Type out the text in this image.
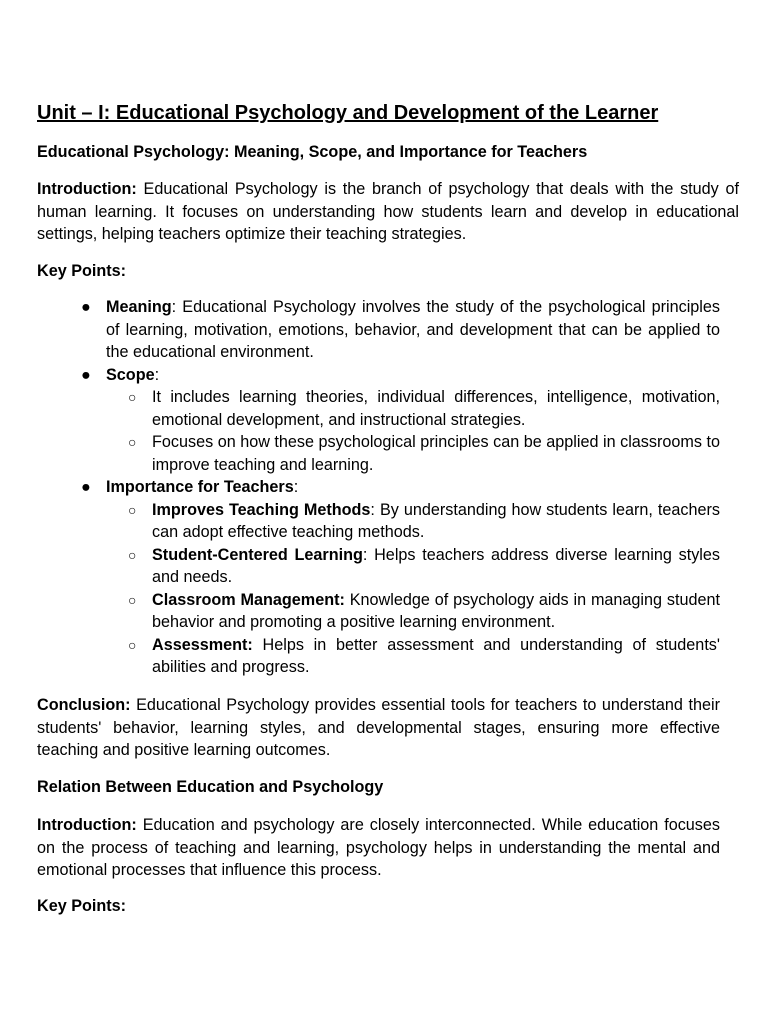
Unit – I: Educational Psychology and Development of the Learner
Educational Psychology: Meaning, Scope, and Importance for Teachers

Introduction: Educational Psychology is the branch of psychology that deals with the study of human learning. It focuses on understanding how students learn and develop in educational settings, helping teachers optimize their teaching strategies.

Key Points:

● Meaning: Educational Psychology involves the study of the psychological principles of learning, motivation, emotions, behavior, and development that can be applied to the educational environment.
● Scope:
○ It includes learning theories, individual differences, intelligence, motivation, emotional development, and instructional strategies.
○ Focuses on how these psychological principles can be applied in classrooms to improve teaching and learning.
● Importance for Teachers:
○ Improves Teaching Methods: By understanding how students learn, teachers can adopt effective teaching methods.
○ Student-Centered Learning: Helps teachers address diverse learning styles and needs.
○ Classroom Management: Knowledge of psychology aids in managing student behavior and promoting a positive learning environment.
○ Assessment: Helps in better assessment and understanding of students' abilities and progress.

Conclusion: Educational Psychology provides essential tools for teachers to understand their students' behavior, learning styles, and developmental stages, ensuring more effective teaching and positive learning outcomes.

Relation Between Education and Psychology

Introduction: Education and psychology are closely interconnected. While education focuses on the process of teaching and learning, psychology helps in understanding the mental and emotional processes that influence this process.

Key Points:
